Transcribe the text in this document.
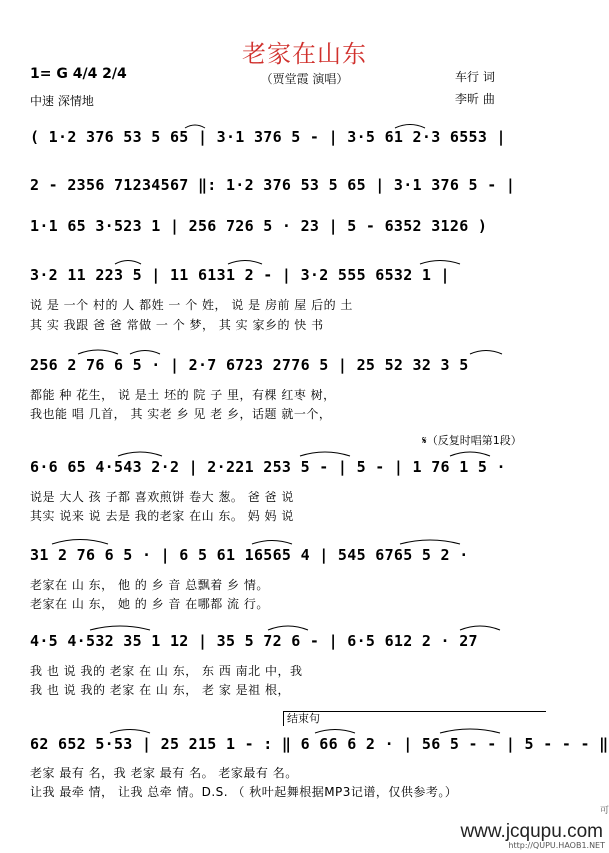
老家在山东
（贾堂霞 演唱）
1= G 4/4 2/4
中速 深情地
车行 词
李昕 曲
( 1·2 376 53 5 65 | 3·1 376 5 - | 3·5 61 2·3 6553 |
2 - 2356 71234567 ‖: 1·2 376 53 5 65 | 3·1 376 5 - |
1·1 65 3·523 1 | 256 726 5 · 23 | 5 - 6352 3126 )
3·2 11 223 5 | 11 6131 2 - | 3·2 555 6532 1 |
说 是 一个 村的 人 都姓 一 个 姓， 说 是 房前 屋 后的 土
其 实 我跟 爸 爸 常做 一 个 梦， 其 实 家乡的 快 书
256 2 76 6 5 · | 2·7 6723 2776 5 | 25 52 32 3 5
都能 种 花生， 说 是土 坯的 院 子 里，有棵 红枣 树，
我也能 唱 几首， 其 实老 乡 见 老 乡，话题 就一个，
𝄋（反复时唱第1段）
6·6 65 4·543 2·2 | 2·221 253 5 - | 5 - | 1 76 1 5 ·
说是 大人 孩 子都 喜欢煎饼 卷大 葱。 爸 爸 说
其实 说来 说 去是 我的老家 在山 东。 妈 妈 说
31 2 76 6 5 · | 6 5 61 16565 4 | 545 6765 5 2 ·
老家在 山 东， 他 的 乡 音 总飘着 乡 情。
老家在 山 东， 她 的 乡 音 在哪都 流 行。
4·5 4·532 35 1 12 | 35 5 72 6 - | 6·5 612 2 · 27
我 也 说 我的 老家 在 山 东， 东 西 南北 中，我
我 也 说 我的 老家 在 山 东， 老 家 是祖 根，
结束句
62 652 5·53 | 25 215 1 - : ‖ 6 66 6 2 · | 56 5 - - | 5 - - - ‖
老家 最有 名，我 老家 最有 名。 老家最有 名。
让我 最牵 情， 让我 总牵 情。D.S. （ 秋叶起舞根据MP3记谱，仅供参考。）
www.jcqupu.com
http://QUPU.HAOB1.NET
可
